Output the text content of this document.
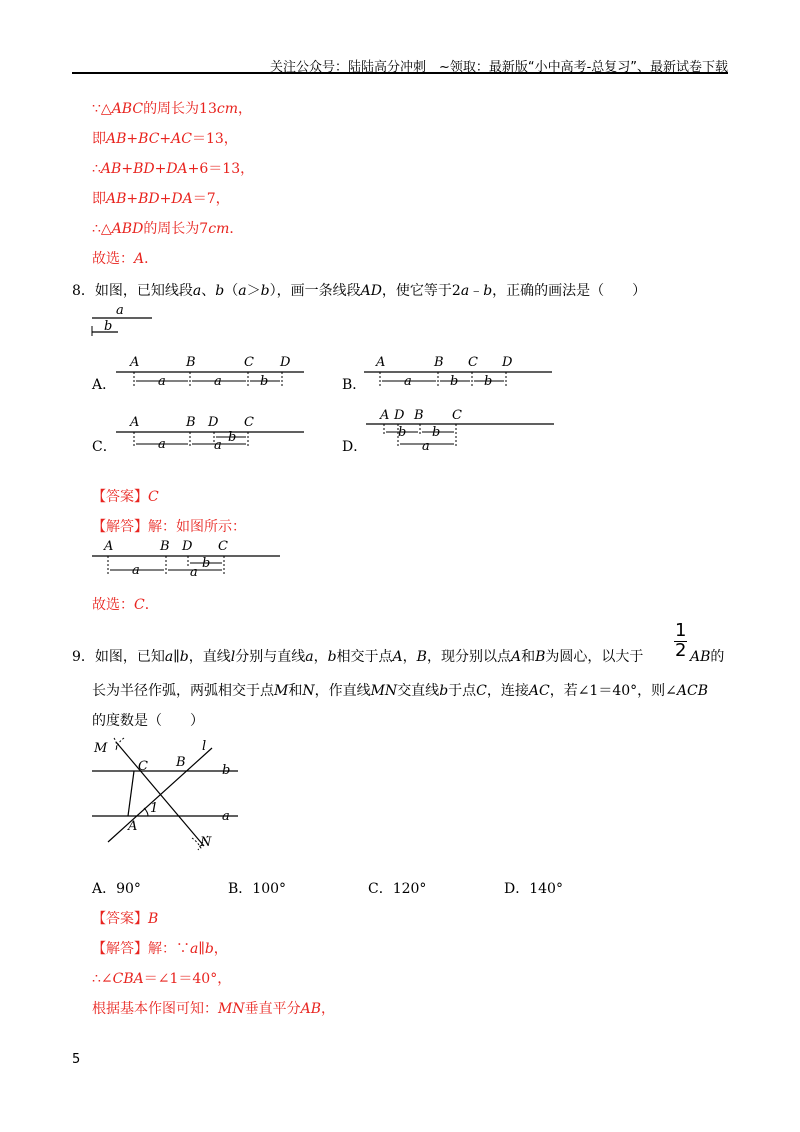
关注公众号：陆陆高分冲刺　~领取：最新版“小中高考-总复习”、最新试卷下载
∵△ABC的周长为13cm，
即AB+BC+AC＝13，
∴AB+BD+DA+6＝13，
即AB+BD+DA＝7，
∴△ABD的周长为7cm．
故选：A．
8．如图，已知线段a、b（a＞b），画一条线段AD，使它等于2a﹣b，正确的画法是（　　）
a
b
A．
A	B	C D
a	a	b	B．
A	B C D
a	b b
C．
A	B D C
a	a
b
D．
A D B C
b b
a
【答案】C
【解答】解：如图所示：
A	B D C
a	a
b
故选：C．
9．如图，已知a∥b，直线l分别与直线a，b相交于点A，B，现分别以点A和B为圆心，以大于 $\frac{1}{2}$ AB的
长为半径作弧，两弧相交于点M和N，作直线MN交直线b于点C，连接AC，若∠1＝40°，则∠ACB
的度数是（　　）
M
N
C B
l
b
a
A
1
A．90°	B．100°	C．120°	D．140°
【答案】B
【解答】解：∵a∥b，
∴∠CBA＝∠1＝40°，
根据基本作图可知：MN垂直平分AB，
5
